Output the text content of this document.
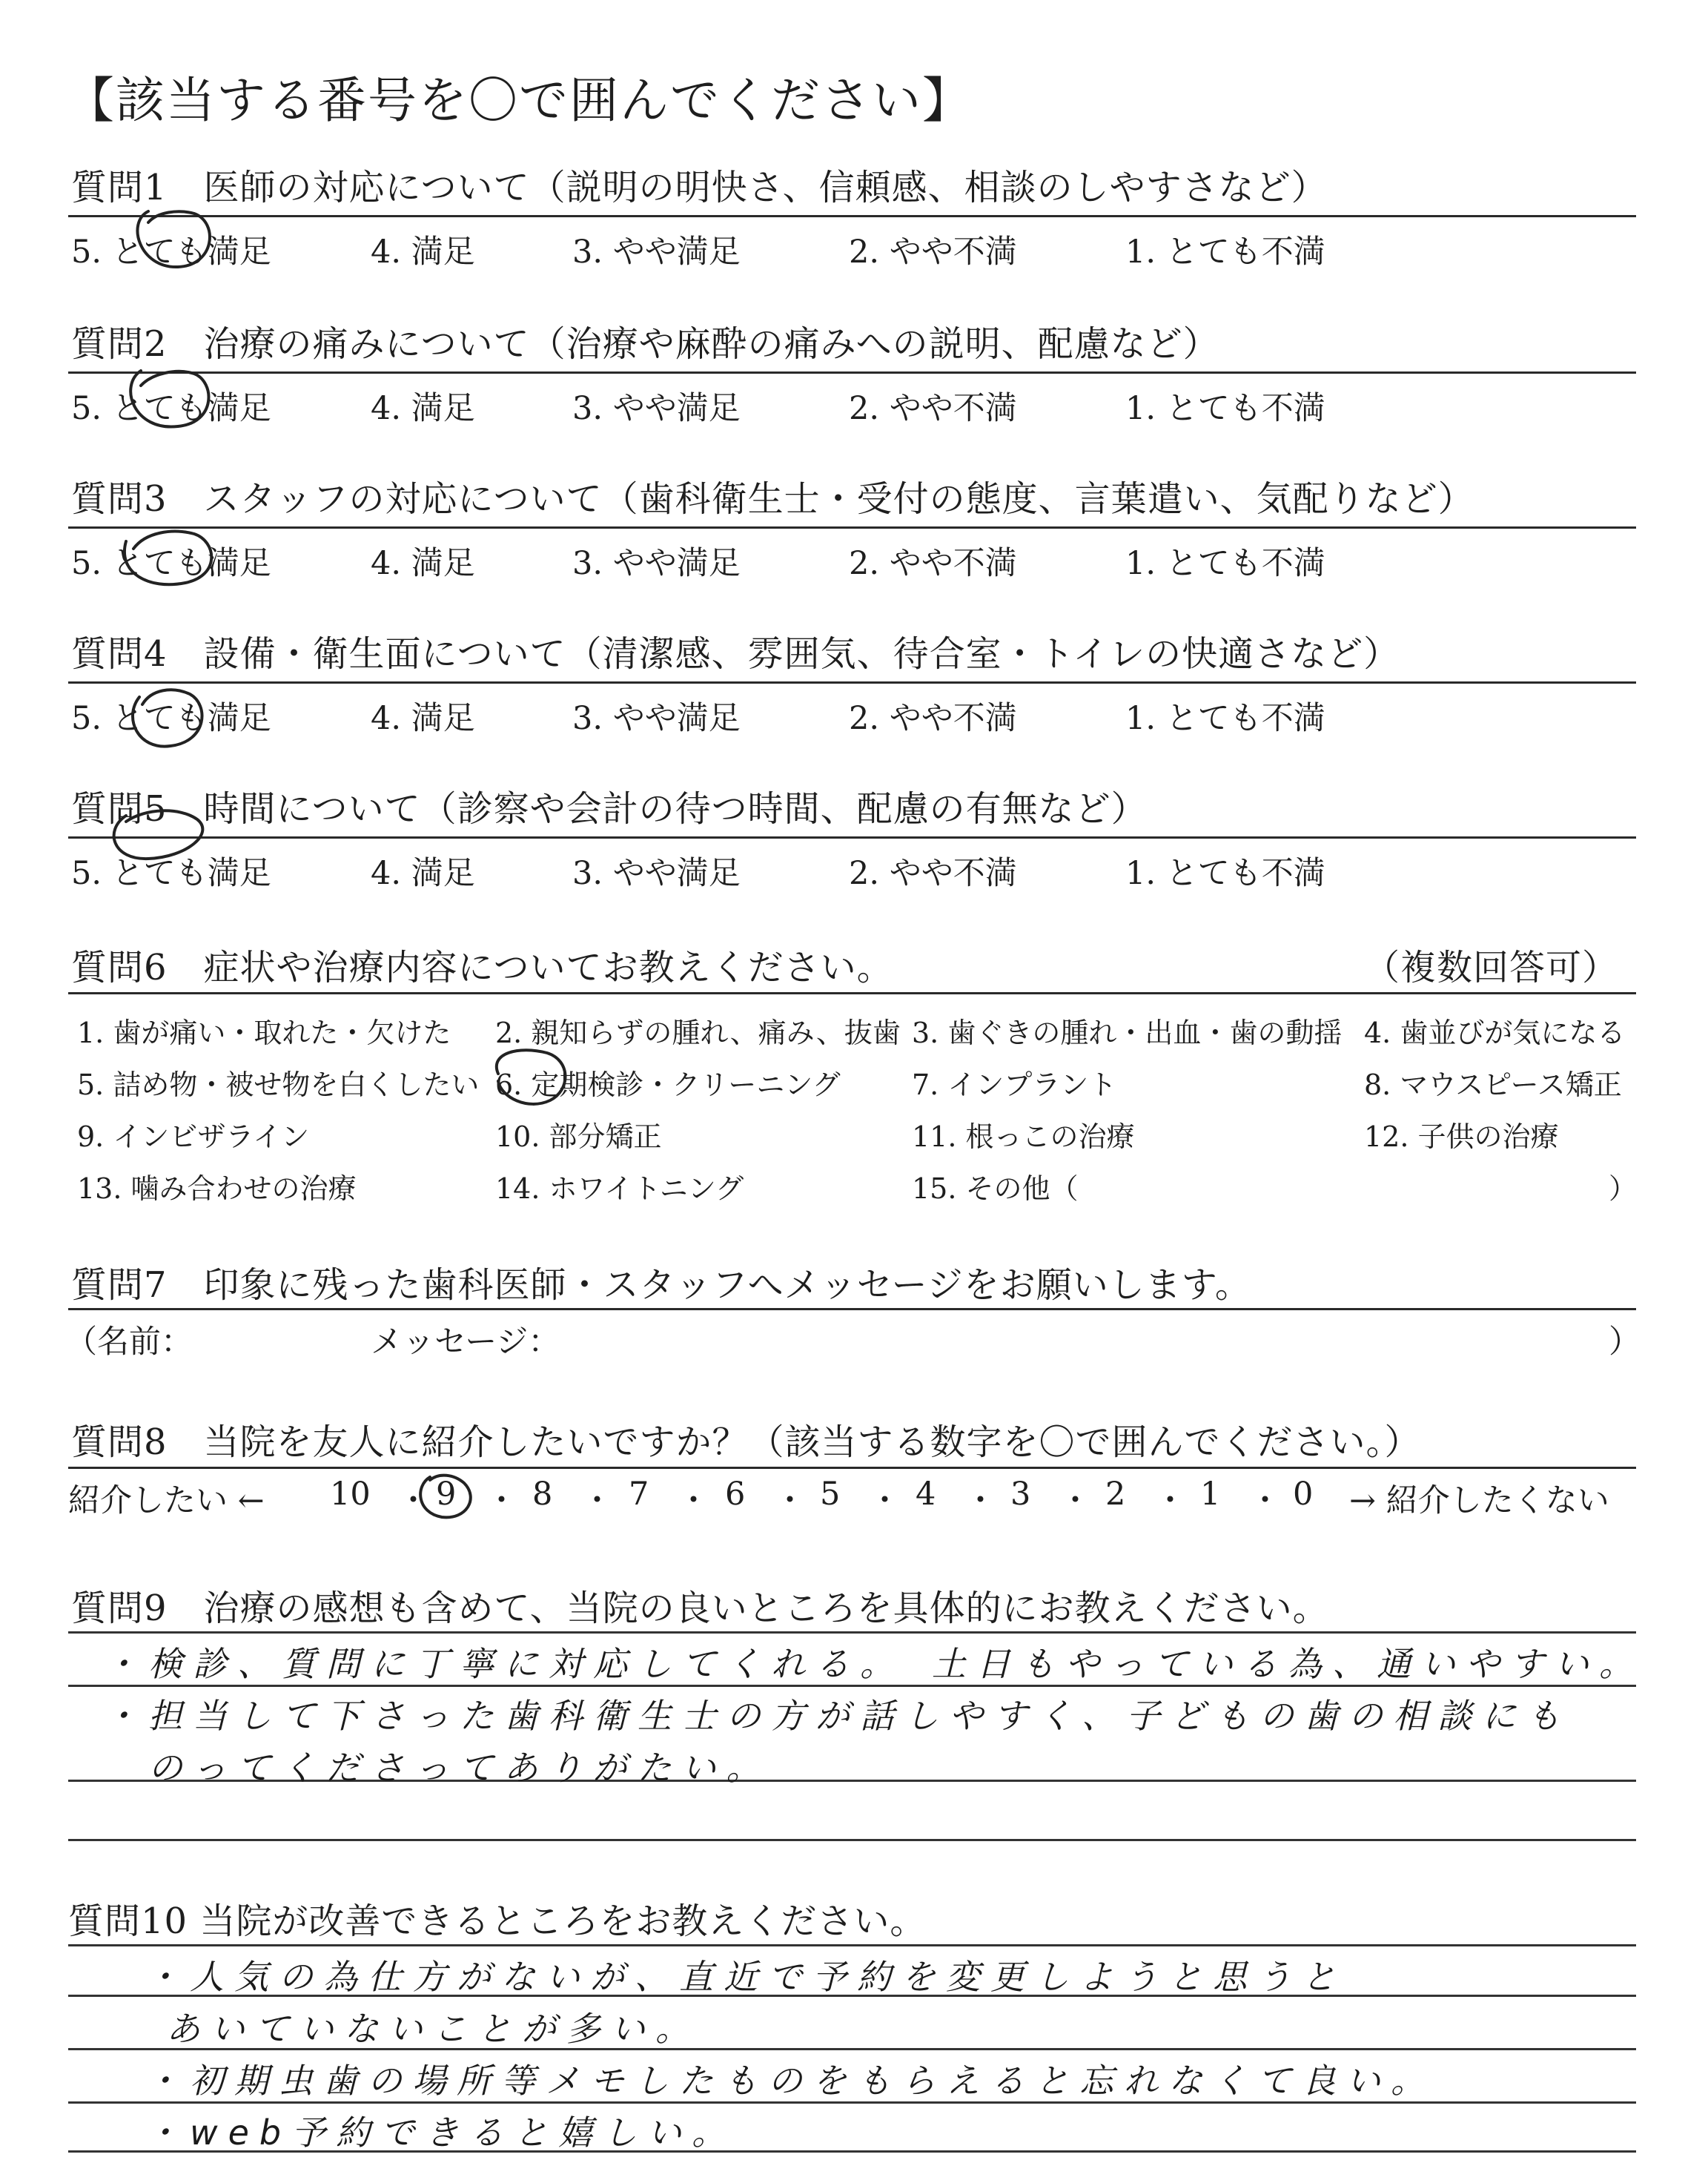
【該当する番号を〇で囲んでください】
質問1　医師の対応について（説明の明快さ、信頼感、相談のしやすさなど）
5. とても満足	4. 満足	3. やや満足	2. やや不満	1. とても不満
質問2　治療の痛みについて（治療や麻酔の痛みへの説明、配慮など）
5. とても満足	4. 満足	3. やや満足	2. やや不満	1. とても不満
質問3　スタッフの対応について（歯科衛生士・受付の態度、言葉遣い、気配りなど）
5. とても満足	4. 満足	3. やや満足	2. やや不満	1. とても不満
質問4　設備・衛生面について（清潔感、雰囲気、待合室・トイレの快適さなど）
5. とても満足	4. 満足	3. やや満足	2. やや不満	1. とても不満
質問5　時間について（診察や会計の待つ時間、配慮の有無など）
5. とても満足	4. 満足	3. やや満足	2. やや不満	1. とても不満
質問6　症状や治療内容についてお教えください。	（複数回答可）
1. 歯が痛い・取れた・欠けた 2. 親知らずの腫れ、痛み、抜歯 3. 歯ぐきの腫れ・出血・歯の動揺 4. 歯並びが気になる
5. 詰め物・被せ物を白くしたい 6. 定期検診・クリーニング	7. インプラント	8. マウスピース矯正
9. インビザライン	10. 部分矯正	11. 根っこの治療	12. 子供の治療
13. 噛み合わせの治療	14. ホワイトニング	15. その他（	）
質問7　印象に残った歯科医師・スタッフへメッセージをお願いします。
（名前：	メッセージ：	）
質問8　当院を友人に紹介したいですか？（該当する数字を〇で囲んでください。）
紹介したい ← 10 ・ 9 ・ 8 ・ 7 ・ 6 ・ 5 ・ 4 ・ 3 ・ 2 ・ 1 ・ 0 → 紹介したくない
質問9　治療の感想も含めて、当院の良いところを具体的にお教えください。
・検診、質問に丁寧に対応してくれる。　土日もやっている為、通いやすい。
・担当して下さった歯科衛生士の方が話しやすく、子どもの歯の相談にも
のってくださってありがたい。
質問10 当院が改善できるところをお教えください。
・人気の為仕方がないが、直近で予約を変更しようと思うと
あいていないことが多い。
・初期虫歯の場所等メモしたものをもらえると忘れなくて良い。
・web予約できると嬉しい。
